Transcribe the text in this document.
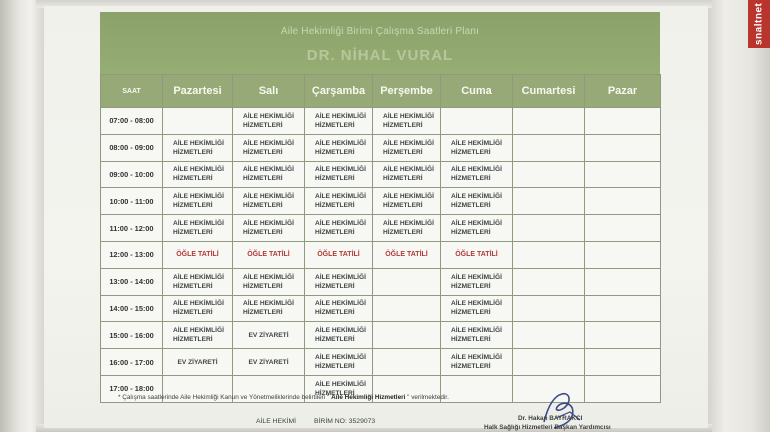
snaltnet
Aile Hekimliği Birimi Çalışma Saatleri Planı
DR. NİHAL VURAL
SAAT	Pazartesi	Salı	Çarşamba	Perşembe	Cuma	Cumartesi	Pazar
07:00 - 08:00		AİLE HEKİMLİĞİ HİZMETLERİ	AİLE HEKİMLİĞİ HİZMETLERİ	AİLE HEKİMLİĞİ HİZMETLERİ			
08:00 - 09:00	AİLE HEKİMLİĞİ HİZMETLERİ	AİLE HEKİMLİĞİ HİZMETLERİ	AİLE HEKİMLİĞİ HİZMETLERİ	AİLE HEKİMLİĞİ HİZMETLERİ	AİLE HEKİMLİĞİ HİZMETLERİ		
09:00 - 10:00	AİLE HEKİMLİĞİ HİZMETLERİ	AİLE HEKİMLİĞİ HİZMETLERİ	AİLE HEKİMLİĞİ HİZMETLERİ	AİLE HEKİMLİĞİ HİZMETLERİ	AİLE HEKİMLİĞİ HİZMETLERİ		
10:00 - 11:00	AİLE HEKİMLİĞİ HİZMETLERİ	AİLE HEKİMLİĞİ HİZMETLERİ	AİLE HEKİMLİĞİ HİZMETLERİ	AİLE HEKİMLİĞİ HİZMETLERİ	AİLE HEKİMLİĞİ HİZMETLERİ		
11:00 - 12:00	AİLE HEKİMLİĞİ HİZMETLERİ	AİLE HEKİMLİĞİ HİZMETLERİ	AİLE HEKİMLİĞİ HİZMETLERİ	AİLE HEKİMLİĞİ HİZMETLERİ	AİLE HEKİMLİĞİ HİZMETLERİ		
12:00 - 13:00	ÖĞLE TATİLİ	ÖĞLE TATİLİ	ÖĞLE TATİLİ	ÖĞLE TATİLİ	ÖĞLE TATİLİ		
13:00 - 14:00	AİLE HEKİMLİĞİ HİZMETLERİ	AİLE HEKİMLİĞİ HİZMETLERİ	AİLE HEKİMLİĞİ HİZMETLERİ		AİLE HEKİMLİĞİ HİZMETLERİ		
14:00 - 15:00	AİLE HEKİMLİĞİ HİZMETLERİ	AİLE HEKİMLİĞİ HİZMETLERİ	AİLE HEKİMLİĞİ HİZMETLERİ		AİLE HEKİMLİĞİ HİZMETLERİ		
15:00 - 16:00	AİLE HEKİMLİĞİ HİZMETLERİ	EV ZİYARETİ	AİLE HEKİMLİĞİ HİZMETLERİ		AİLE HEKİMLİĞİ HİZMETLERİ		
16:00 - 17:00	EV ZİYARETİ	EV ZİYARETİ	AİLE HEKİMLİĞİ HİZMETLERİ		AİLE HEKİMLİĞİ HİZMETLERİ		
17:00 - 18:00			AİLE HEKİMLİĞİ HİZMETLERİ				
* Çalışma saatlerinde Aile Hekimliği Kanun ve Yönetmeliklerinde belirtilen " Aile Hekimliği Hizmetleri " verilmektedir.
AİLE HEKİMİ	BİRİM NO: 3529073	Dr. Hakan BAYRAKCI
Halk Sağlığı Hizmetleri Başkan Yardımcısı
